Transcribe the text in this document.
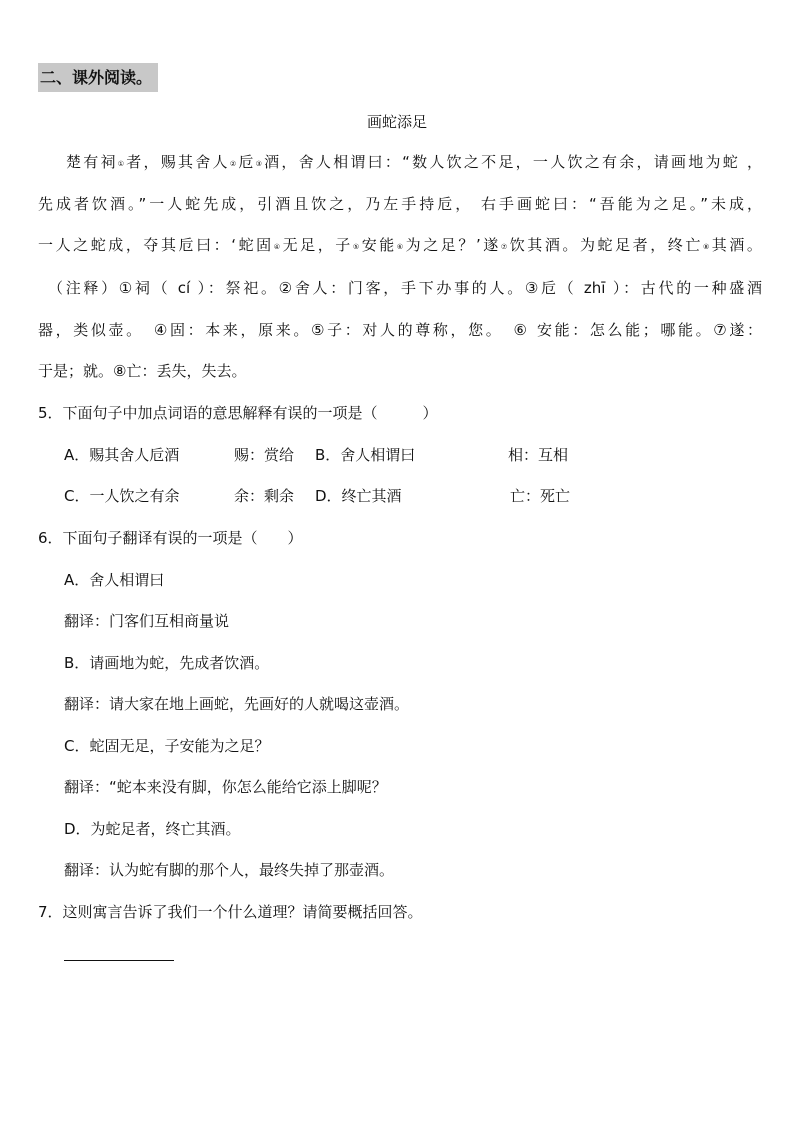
二、课外阅读。
画蛇添足
楚有祠①者，赐其舍人②卮③酒，舍人相谓曰：“数人饮之不足，一人饮之有余，请画地为蛇 ，
先成者饮酒。”一人蛇先成，引酒且饮之，乃左手持卮， 右手画蛇曰：“吾能为之足。”未成，
一人之蛇成，夺其卮曰：‘蛇固④无足，子⑤安能⑥为之足？’遂⑦饮其酒。为蛇足者，终亡⑧其酒。
（注释）①祠（ cí ）：祭祀。②舍人：门客，手下办事的人。③卮（ zhī ）：古代的一种盛酒
器，类似壶。　④固：本来，原来。⑤子：对人的尊称，您。　⑥ 安能：怎么能；哪能。⑦遂：
于是；就。⑧亡：丢失，失去。
5．下面句子中加点词语的意思解释有误的一项是（　　　）
A．赐其舍人卮酒	赐：赏给 B．舍人相谓曰	相：互相
C．一人饮之有余	余：剩余 D．终亡其酒	亡：死亡
6．下面句子翻译有误的一项是（　　）
A．舍人相谓曰
翻译：门客们互相商量说
B．请画地为蛇，先成者饮酒。
翻译：请大家在地上画蛇，先画好的人就喝这壶酒。
C．蛇固无足，子安能为之足？
翻译：“蛇本来没有脚，你怎么能给它添上脚呢？
D．为蛇足者，终亡其酒。
翻译：认为蛇有脚的那个人，最终失掉了那壶酒。
7．这则寓言告诉了我们一个什么道理？请简要概括回答。
